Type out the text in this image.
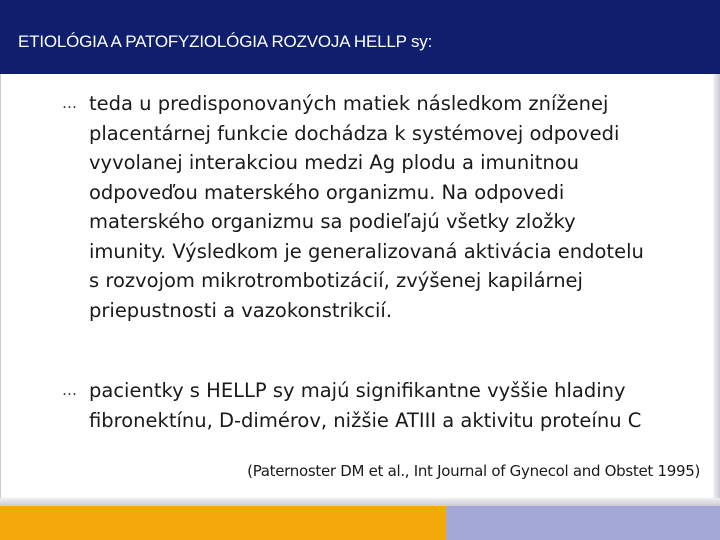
ETIOLÓGIA A PATOFYZIOLÓGIA ROZVOJA HELLP sy:
… teda u predisponovaných matiek následkom zníženej
placentárnej funkcie dochádza k systémovej odpovedi
vyvolanej interakciou medzi Ag plodu a imunitnou
odpoveďou materského organizmu. Na odpovedi
materského organizmu sa podieľajú všetky zložky
imunity. Výsledkom je generalizovaná aktivácia endotelu
s rozvojom mikrotrombotizácií, zvýšenej kapilárnej
priepustnosti a vazokonstrikcií.
… pacientky s HELLP sy majú signifikantne vyššie hladiny
fibronektínu, D-dimérov, nižšie ATIII a aktivitu proteínu C
(Paternoster DM et al., Int Journal of Gynecol and Obstet 1995)
